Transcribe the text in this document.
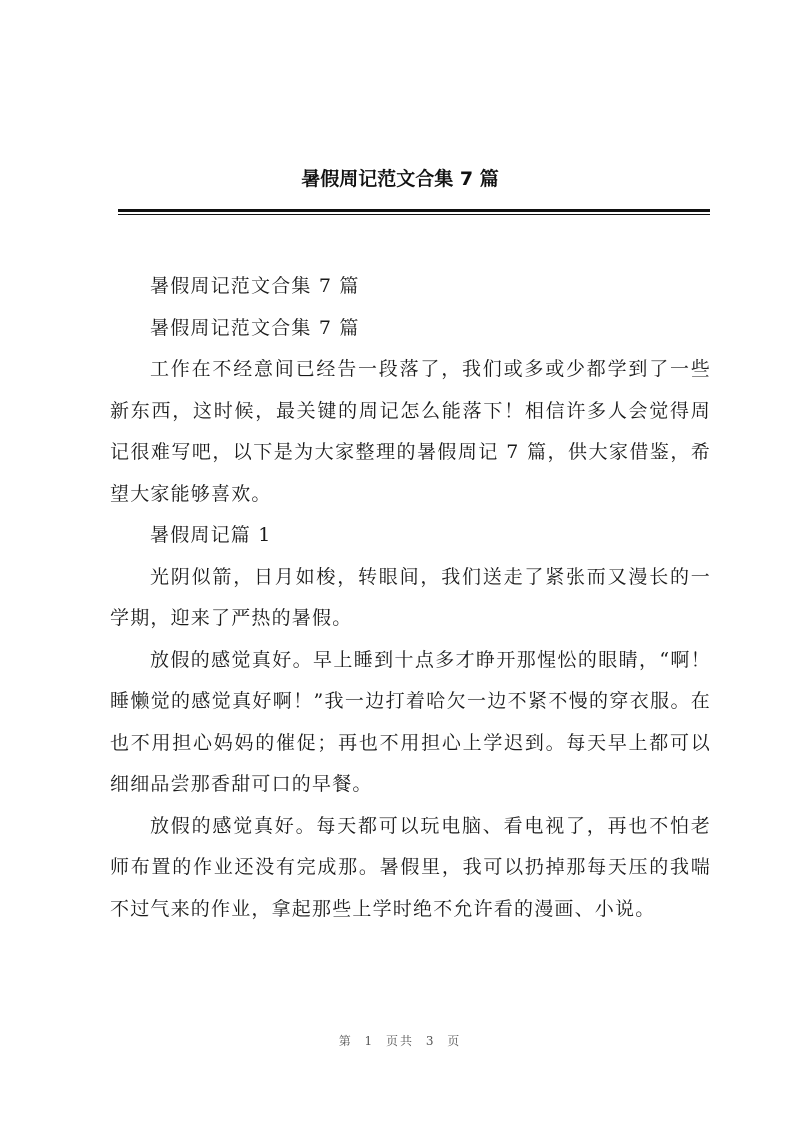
暑假周记范文合集 7 篇

暑假周记范文合集 7 篇

暑假周记范文合集 7 篇

工作在不经意间已经告一段落了，我们或多或少都学到了一些新东西，这时候，最关键的周记怎么能落下！相信许多人会觉得周记很难写吧，以下是为大家整理的暑假周记 7 篇，供大家借鉴，希望大家能够喜欢。

暑假周记篇 1

光阴似箭，日月如梭，转眼间，我们送走了紧张而又漫长的一学期，迎来了严热的暑假。

放假的感觉真好。早上睡到十点多才睁开那惺忪的眼睛，“啊！睡懒觉的感觉真好啊！”我一边打着哈欠一边不紧不慢的穿衣服。在也不用担心妈妈的催促；再也不用担心上学迟到。每天早上都可以细细品尝那香甜可口的早餐。

放假的感觉真好。每天都可以玩电脑、看电视了，再也不怕老师布置的作业还没有完成那。暑假里，我可以扔掉那每天压的我喘不过气来的作业，拿起那些上学时绝不允许看的漫画、小说。

第 1 页共 3 页
